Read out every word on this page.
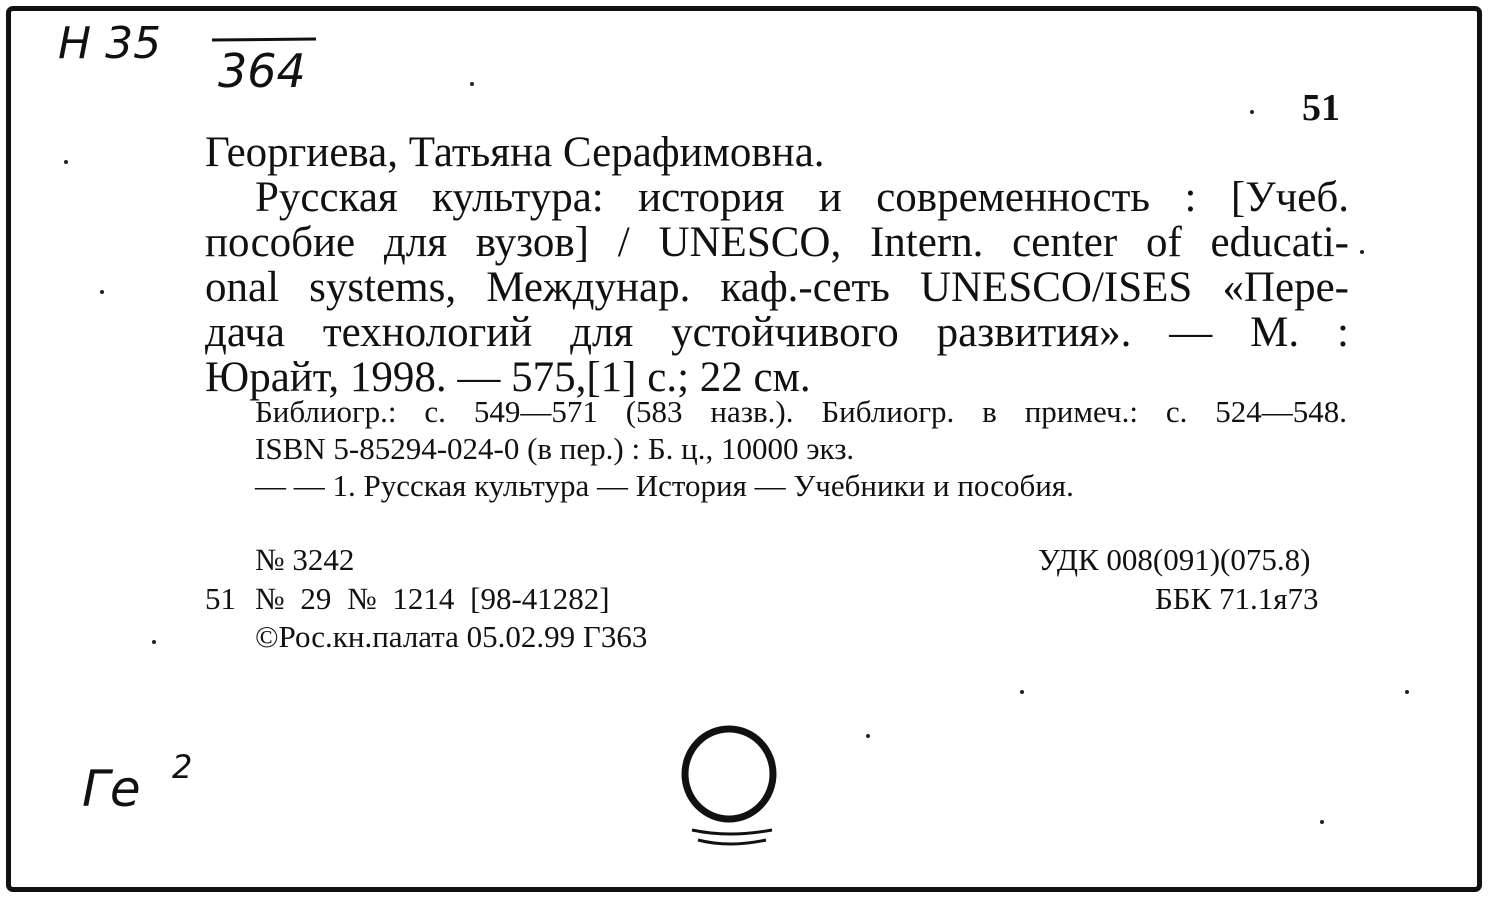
Н 35
364
51
Георгиева, Татьяна Серафимовна.
Русская культура: история и современность : [Учеб.
пособие для вузов] / UNESCO, Intern. center of educati-
onal systems, Междунар. каф.-сеть UNESCO/ISES «Пере-
дача технологий для устойчивого развития». — М. :
Юрайт, 1998. — 575,[1] с.; 22 см.
Библиогр.: с. 549—571 (583 назв.). Библиогр. в примеч.: с. 524—548.
ISBN 5-85294-024-0 (в пер.) : Б. ц., 10000 экз.
— — 1. Русская культура — История — Учебники и пособия.
№ 3242
51 № 29 № 1214 [98-41282]
©Рос.кн.палата 05.02.99 Г363
УДК 008(091)(075.8)
ББК 71.1я73
Ге 2
